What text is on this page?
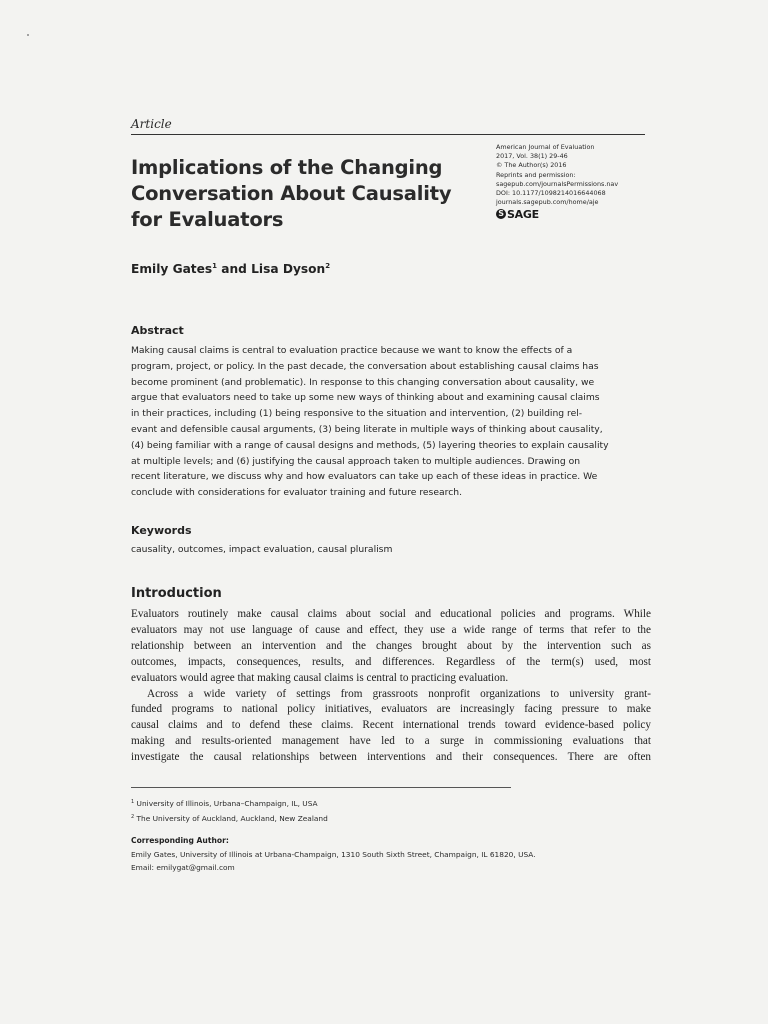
Article
Implications of the Changing
Conversation About Causality
for Evaluators
American Journal of Evaluation
2017, Vol. 38(1) 29-46
© The Author(s) 2016
Reprints and permission:
sagepub.com/journalsPermissions.nav
DOI: 10.1177/1098214016644068
journals.sagepub.com/home/aje
S SAGE
Emily Gates$^1$ and Lisa Dyson$^2$
Abstract
Making causal claims is central to evaluation practice because we want to know the effects of a
program, project, or policy. In the past decade, the conversation about establishing causal claims has
become prominent (and problematic). In response to this changing conversation about causality, we
argue that evaluators need to take up some new ways of thinking about and examining causal claims
in their practices, including (1) being responsive to the situation and intervention, (2) building rel-
evant and defensible causal arguments, (3) being literate in multiple ways of thinking about causality,
(4) being familiar with a range of causal designs and methods, (5) layering theories to explain causality
at multiple levels; and (6) justifying the causal approach taken to multiple audiences. Drawing on
recent literature, we discuss why and how evaluators can take up each of these ideas in practice. We
conclude with considerations for evaluator training and future research.
Keywords
causality, outcomes, impact evaluation, causal pluralism
Introduction
Evaluators routinely make causal claims about social and educational policies and programs. While
evaluators may not use language of cause and effect, they use a wide range of terms that refer to the
relationship between an intervention and the changes brought about by the intervention such as
outcomes, impacts, consequences, results, and differences. Regardless of the term(s) used, most
evaluators would agree that making causal claims is central to practicing evaluation.
Across a wide variety of settings from grassroots nonprofit organizations to university grant-
funded programs to national policy initiatives, evaluators are increasingly facing pressure to make
causal claims and to defend these claims. Recent international trends toward evidence-based policy
making and results-oriented management have led to a surge in commissioning evaluations that
investigate the causal relationships between interventions and their consequences. There are often
$^1$ University of Illinois, Urbana–Champaign, IL, USA
$^2$ The University of Auckland, Auckland, New Zealand
Corresponding Author:
Emily Gates, University of Illinois at Urbana-Champaign, 1310 South Sixth Street, Champaign, IL 61820, USA.
Email: emilygat@gmail.com
